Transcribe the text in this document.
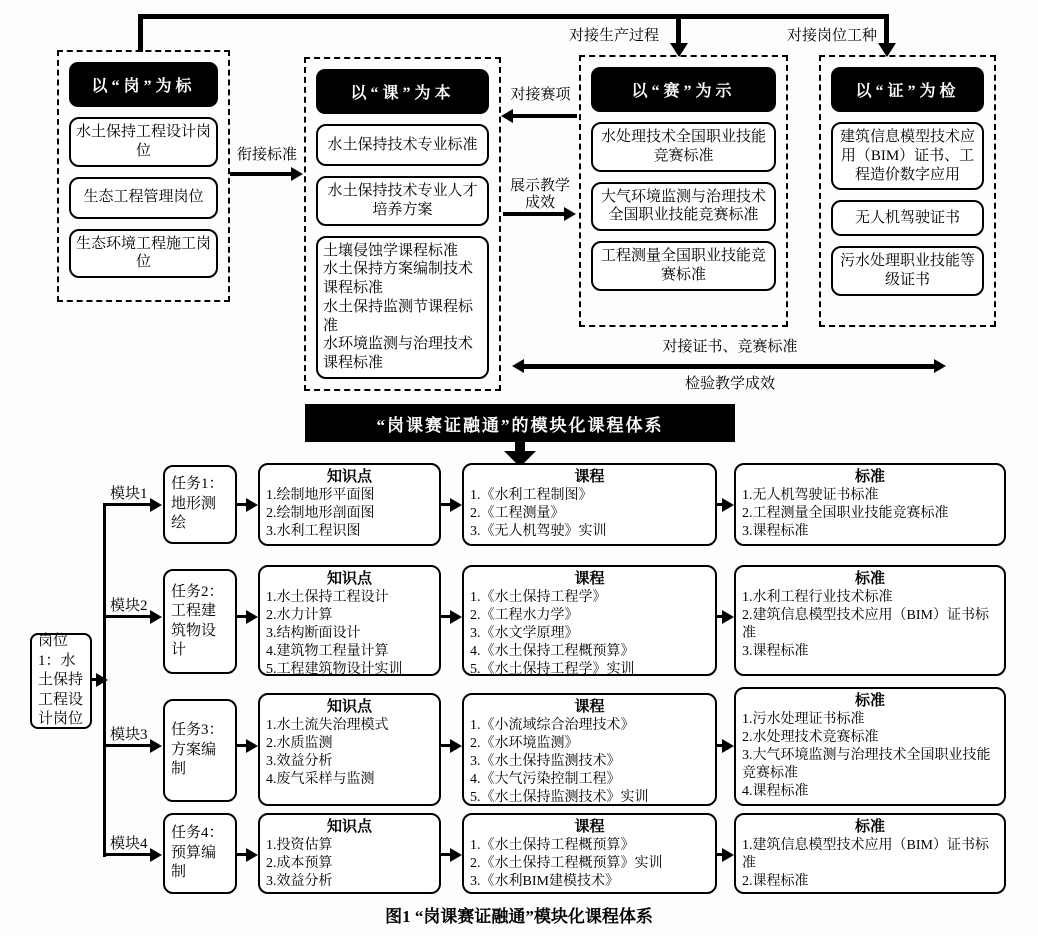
对接生产过程	对接岗位工种
以“岗”为标
水土保持工程设计岗位
生态工程管理岗位
生态环境工程施工岗位
以“课”为本
水土保持技术专业标准
水土保持技术专业人才培养方案
土壤侵蚀学课程标准
水土保持方案编制技术课程标准
水土保持监测节课程标准
水环境监测与治理技术课程标准
以“赛”为示
水处理技术全国职业技能竞赛标准
大气环境监测与治理技术全国职业技能竞赛标准
工程测量全国职业技能竞赛标准
以“证”为检
建筑信息模型技术应用（BIM）证书、工程造价数字应用
无人机驾驶证书
污水处理职业技能等级证书
衔接标准
对接赛项
展示教学成效
对接证书、竞赛标准
检验教学成效
“岗课赛证融通”的模块化课程体系
岗位1：水土保持工程设计岗位
模块1
模块2
模块3
模块4
任务1：地形测绘
知识点
1.绘制地形平面图
2.绘制地形剖面图
3.水利工程识图
课程
1.《水利工程制图》
2.《工程测量》
3.《无人机驾驶》实训
标准
1.无人机驾驶证书标准
2.工程测量全国职业技能竞赛标准
3.课程标准
任务2：工程建筑物设计
知识点
1.水土保持工程设计
2.水力计算
3.结构断面设计
4.建筑物工程量计算
5.工程建筑物设计实训
课程
1.《水土保持工程学》
2.《工程水力学》
3.《水文学原理》
4.《水土保持工程概预算》
5.《水土保持工程学》实训
标准
1.水利工程行业技术标准
2.建筑信息模型技术应用（BIM）证书标准
3.课程标准
任务3：方案编制
知识点
1.水土流失治理模式
2.水质监测
3.效益分析
4.废气采样与监测
课程
1.《小流域综合治理技术》
2.《水环境监测》
3.《水土保持监测技术》
4.《大气污染控制工程》
5.《水土保持监测技术》实训
标准
1.污水处理证书标准
2.水处理技术竞赛标准
3.大气环境监测与治理技术全国职业技能竞赛标准
4.课程标准
任务4：预算编制
知识点
1.投资估算
2.成本预算
3.效益分析
课程
1.《水土保持工程概预算》
2.《水土保持工程概预算》实训
3.《水利BIM建模技术》
标准
1.建筑信息模型技术应用（BIM）证书标准
2.课程标准
图1 “岗课赛证融通”模块化课程体系
